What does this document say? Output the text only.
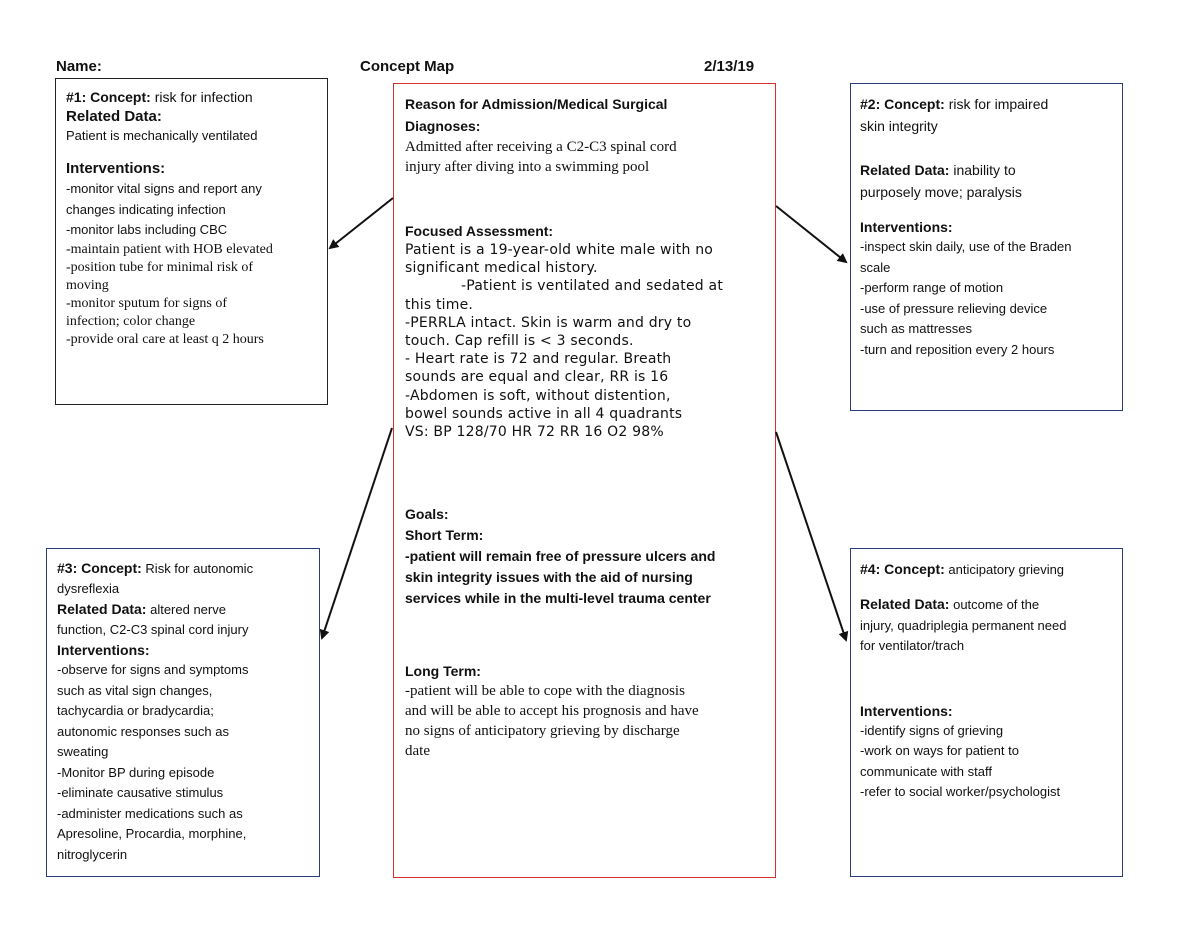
Name:	Concept Map	2/13/19
#1: Concept: risk for infection
Related Data:
Patient is mechanically ventilated
Interventions:
-monitor vital signs and report any
changes indicating infection
-monitor labs including CBC
-maintain patient with HOB elevated
-position tube for minimal risk of
moving
-monitor sputum for signs of
infection; color change
-provide oral care at least q 2 hours
Reason for Admission/Medical Surgical
Diagnoses:
Admitted after receiving a C2-C3 spinal cord
injury after diving into a swimming pool
Focused Assessment:
Patient is a 19-year-old white male with no
significant medical history.
-Patient is ventilated and sedated at
this time.
-PERRLA intact. Skin is warm and dry to
touch. Cap refill is < 3 seconds.
- Heart rate is 72 and regular. Breath
sounds are equal and clear, RR is 16
-Abdomen is soft, without distention,
bowel sounds active in all 4 quadrants
VS: BP 128/70 HR 72 RR 16 O2 98%
Goals:
Short Term:
-patient will remain free of pressure ulcers and
skin integrity issues with the aid of nursing
services while in the multi-level trauma center
Long Term:
-patient will be able to cope with the diagnosis
and will be able to accept his prognosis and have
no signs of anticipatory grieving by discharge
date
#2: Concept: risk for impaired
skin integrity
Related Data: inability to
purposely move; paralysis
Interventions:
-inspect skin daily, use of the Braden
scale
-perform range of motion
-use of pressure relieving device
such as mattresses
-turn and reposition every 2 hours
#3: Concept: Risk for autonomic
dysreflexia
Related Data: altered nerve
function, C2-C3 spinal cord injury
Interventions:
-observe for signs and symptoms
such as vital sign changes,
tachycardia or bradycardia;
autonomic responses such as
sweating
-Monitor BP during episode
-eliminate causative stimulus
-administer medications such as
Apresoline, Procardia, morphine,
nitroglycerin
#4: Concept: anticipatory grieving
Related Data: outcome of the
injury, quadriplegia permanent need
for ventilator/trach
Interventions:
-identify signs of grieving
-work on ways for patient to
communicate with staff
-refer to social worker/psychologist
